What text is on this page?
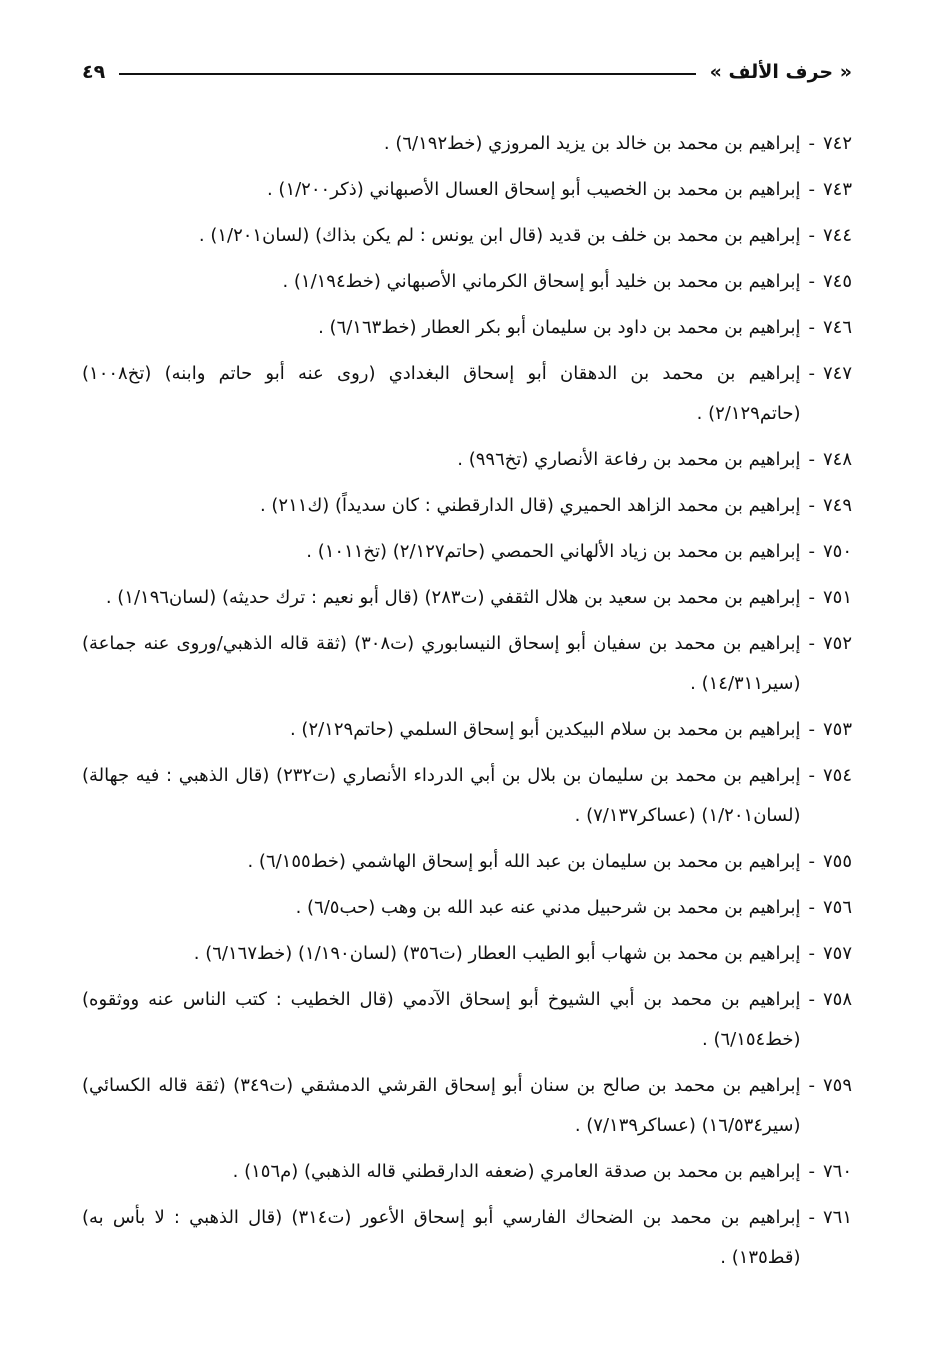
« حرف الألف »
٤٩
٧٤٢
-
إبراهيم بن محمد بن خالد بن يزيد المروزي (خط٦/١٩٢) .
٧٤٣
-
إبراهيم بن محمد بن الخصيب أبو إسحاق العسال الأصبهاني (ذكر١/٢٠٠) .
٧٤٤
-
إبراهيم بن محمد بن خلف بن قديد (قال ابن يونس : لم يكن بذاك) (لسان١/٢٠١) .
٧٤٥
-
إبراهيم بن محمد بن خليد أبو إسحاق الكرماني الأصبهاني (خط١/١٩٤) .
٧٤٦
-
إبراهيم بن محمد بن داود بن سليمان أبو بكر العطار (خط٦/١٦٣) .
٧٤٧
-
إبراهيم بن محمد بن الدهقان أبو إسحاق البغدادي (روى عنه أبو حاتم وابنه) (تخ١٠٠٨) (حاتم٢/١٢٩) .
٧٤٨
-
إبراهيم بن محمد بن رفاعة الأنصاري (تخ٩٩٦) .
٧٤٩
-
إبراهيم بن محمد الزاهد الحميري (قال الدارقطني : كان سديداً) (ك٢١١) .
٧٥٠
-
إبراهيم بن محمد بن زياد الألهاني الحمصي (حاتم٢/١٢٧) (تخ١٠١١) .
٧٥١
-
إبراهيم بن محمد بن سعيد بن هلال الثقفي (ت٢٨٣) (قال أبو نعيم : ترك حديثه) (لسان١/١٩٦) .
٧٥٢
-
إبراهيم بن محمد بن سفيان أبو إسحاق النيسابوري (ت٣٠٨) (ثقة قاله الذهبي/وروى عنه جماعة) (سير١٤/٣١١) .
٧٥٣
-
إبراهيم بن محمد بن سلام البيكدين أبو إسحاق السلمي (حاتم٢/١٢٩) .
٧٥٤
-
إبراهيم بن محمد بن سليمان بن بلال بن أبي الدرداء الأنصاري (ت٢٣٢) (قال الذهبي : فيه جهالة) (لسان١/٢٠١) (عساكر٧/١٣٧) .
٧٥٥
-
إبراهيم بن محمد بن سليمان بن عبد الله أبو إسحاق الهاشمي (خط٦/١٥٥) .
٧٥٦
-
إبراهيم بن محمد بن شرحبيل مدني عنه عبد الله بن وهب (حب٦/٥) .
٧٥٧
-
إبراهيم بن محمد بن شهاب أبو الطيب العطار (ت٣٥٦) (لسان١/١٩٠) (خط٦/١٦٧) .
٧٥٨
-
إبراهيم بن محمد بن أبي الشيوخ أبو إسحاق الآدمي (قال الخطيب : كتب الناس عنه ووثقوه) (خط٦/١٥٤) .
٧٥٩
-
إبراهيم بن محمد بن صالح بن سنان أبو إسحاق القرشي الدمشقي (ت٣٤٩) (ثقة قاله الكسائي) (سير١٦/٥٣٤) (عساكر٧/١٣٩) .
٧٦٠
-
إبراهيم بن محمد بن صدقة العامري (ضعفه الدارقطني قاله الذهبي) (م١٥٦) .
٧٦١
-
إبراهيم بن محمد بن الضحاك الفارسي أبو إسحاق الأعور (ت٣١٤) (قال الذهبي : لا بأس به) (قط١٣٥) .
